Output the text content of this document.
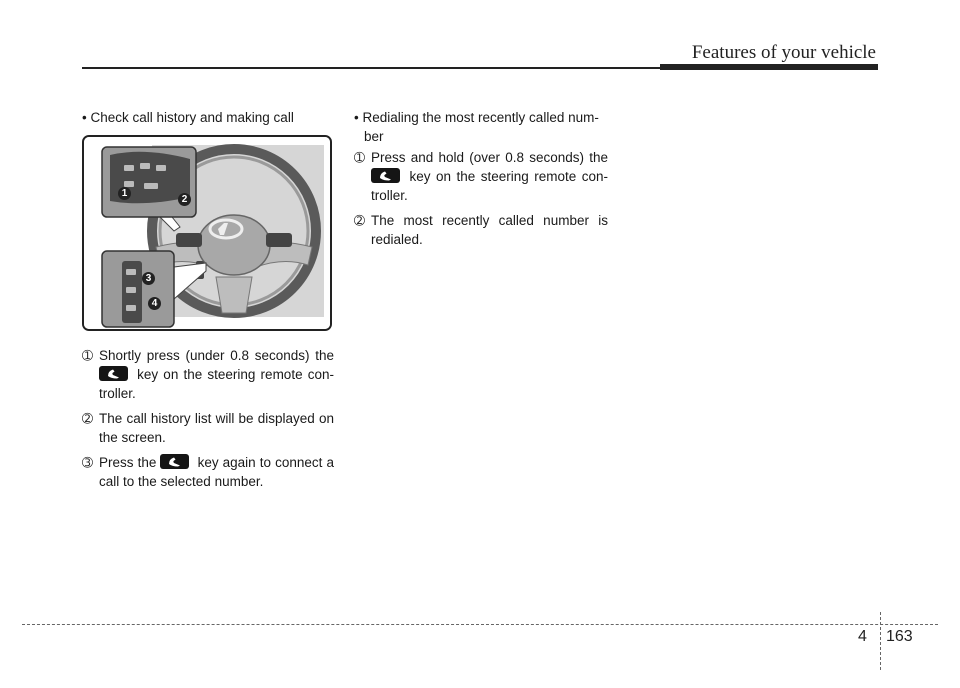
Features of your vehicle
• Check call history and making call
1
2
3
4
➀ Shortly press (under 0.8 seconds) the
key on the steering remote con- troller.
➁ The call history list will be displayed on the screen.
➂ Press the	key again to connect a call to the selected number.
• Redialing the most recently called num- ber
➀ Press and hold (over 0.8 seconds) the
key on the steering remote con- troller.
➁ The most recently called number is redialed.
4 163
